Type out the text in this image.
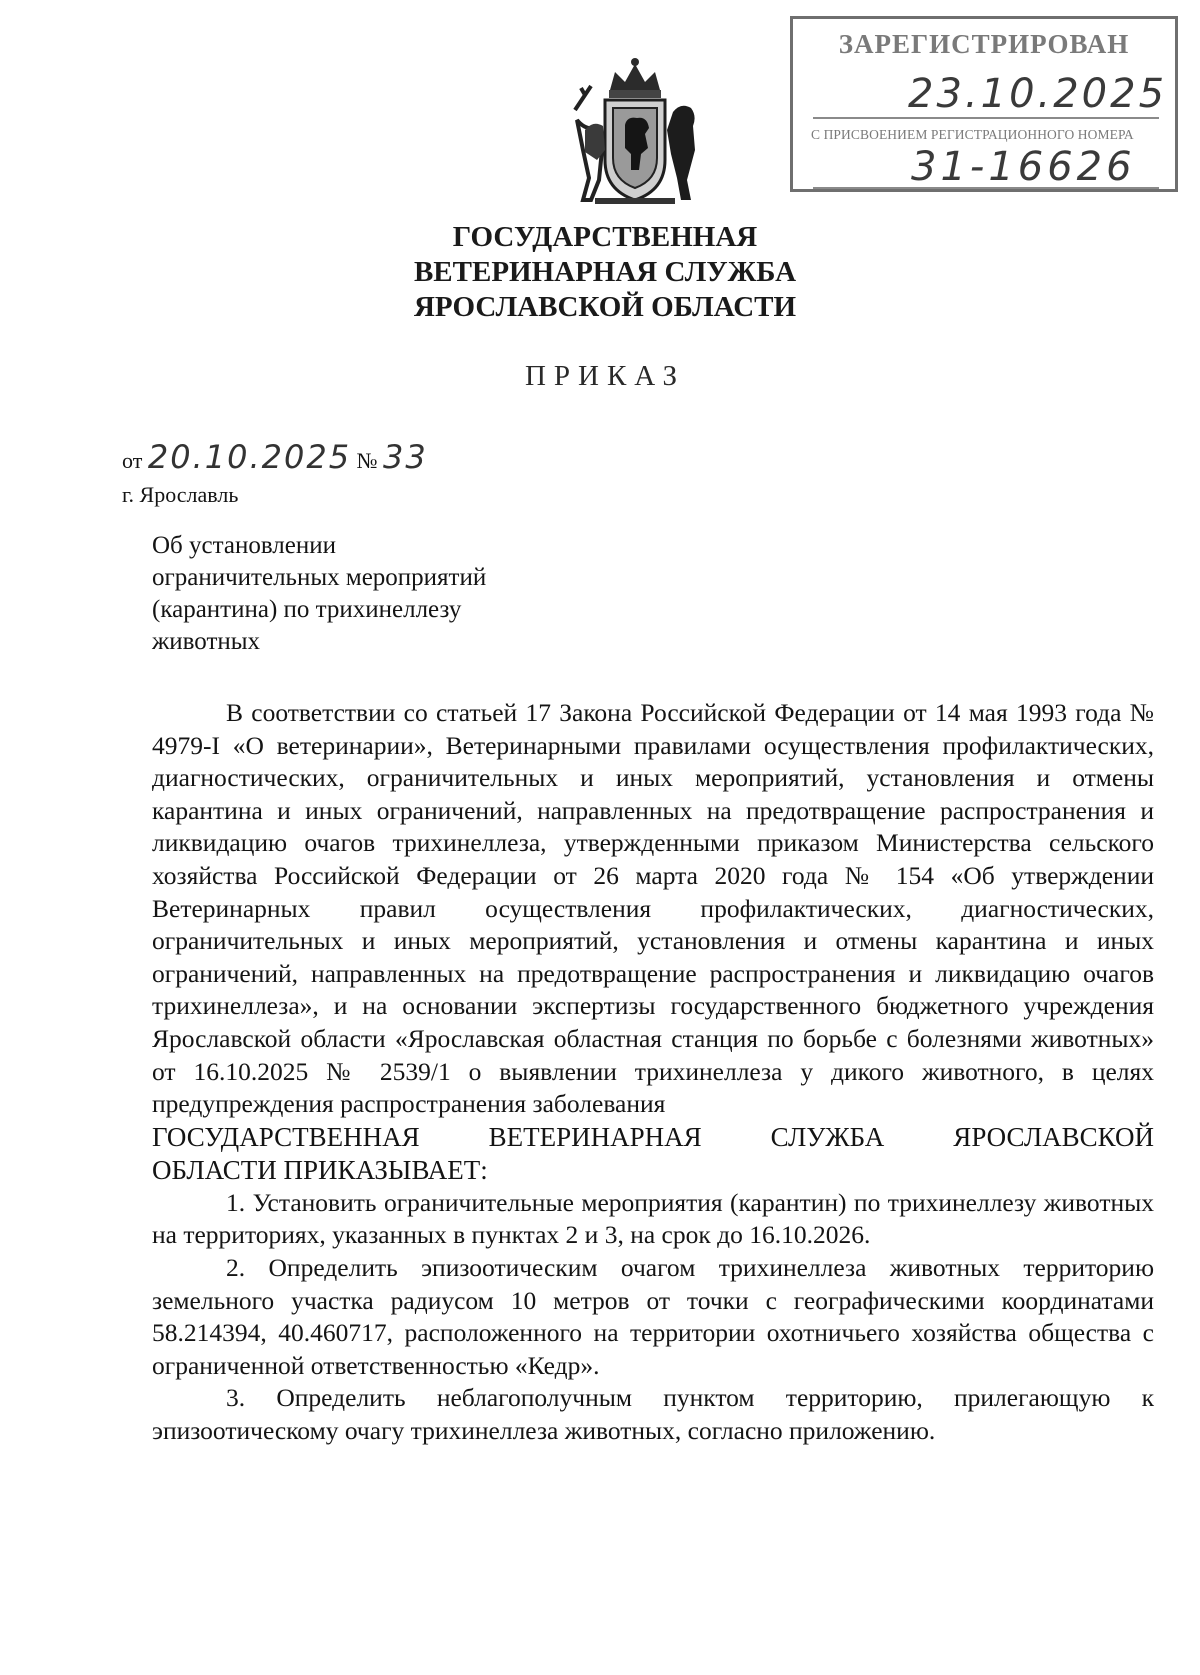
ЗАРЕГИСТРИРОВАН
23.10.2025
С ПРИСВОЕНИЕМ РЕГИСТРАЦИОННОГО НОМЕРА
31-16626
ГОСУДАРСТВЕННАЯ
ВЕТЕРИНАРНАЯ СЛУЖБА
ЯРОСЛАВСКОЙ ОБЛАСТИ
ПРИКАЗ
от 20.10.2025 № 33
г. Ярославль
Об установлении
ограничительных мероприятий
(карантина) по трихинеллезу
животных

В соответствии со статьей 17 Закона Российской Федерации от 14 мая 1993 года № 4979-I «О ветеринарии», Ветеринарными правилами осуществления профилактических, диагностических, ограничительных и иных мероприятий, установления и отмены карантина и иных ограничений, направленных на предотвращение распространения и ликвидацию очагов трихинеллеза, утвержденными приказом Министерства сельского хозяйства Российской Федерации от 26 марта 2020 года № 154 «Об утверждении Ветеринарных правил осуществления профилактических, диагностических, ограничительных и иных мероприятий, установления и отмены карантина и иных ограничений, направленных на предотвращение распространения и ликвидацию очагов трихинеллеза», и на основании экспертизы государственного бюджетного учреждения Ярославской области «Ярославская областная станция по борьбе с болезнями животных» от 16.10.2025 № 2539/1 о выявлении трихинеллеза у дикого животного, в целях предупреждения распространения заболевания

ГОСУДАРСТВЕННАЯ ВЕТЕРИНАРНАЯ СЛУЖБА ЯРОСЛАВСКОЙ

ОБЛАСТИ ПРИКАЗЫВАЕТ:

1. Установить ограничительные мероприятия (карантин) по трихинеллезу животных на территориях, указанных в пунктах 2 и 3, на срок до 16.10.2026.

2. Определить эпизоотическим очагом трихинеллеза животных территорию земельного участка радиусом 10 метров от точки с географическими координатами 58.214394, 40.460717, расположенного на территории охотничьего хозяйства общества с ограниченной ответственностью «Кедр».

3. Определить неблагополучным пунктом территорию, прилегающую к эпизоотическому очагу трихинеллеза животных, согласно приложению.
